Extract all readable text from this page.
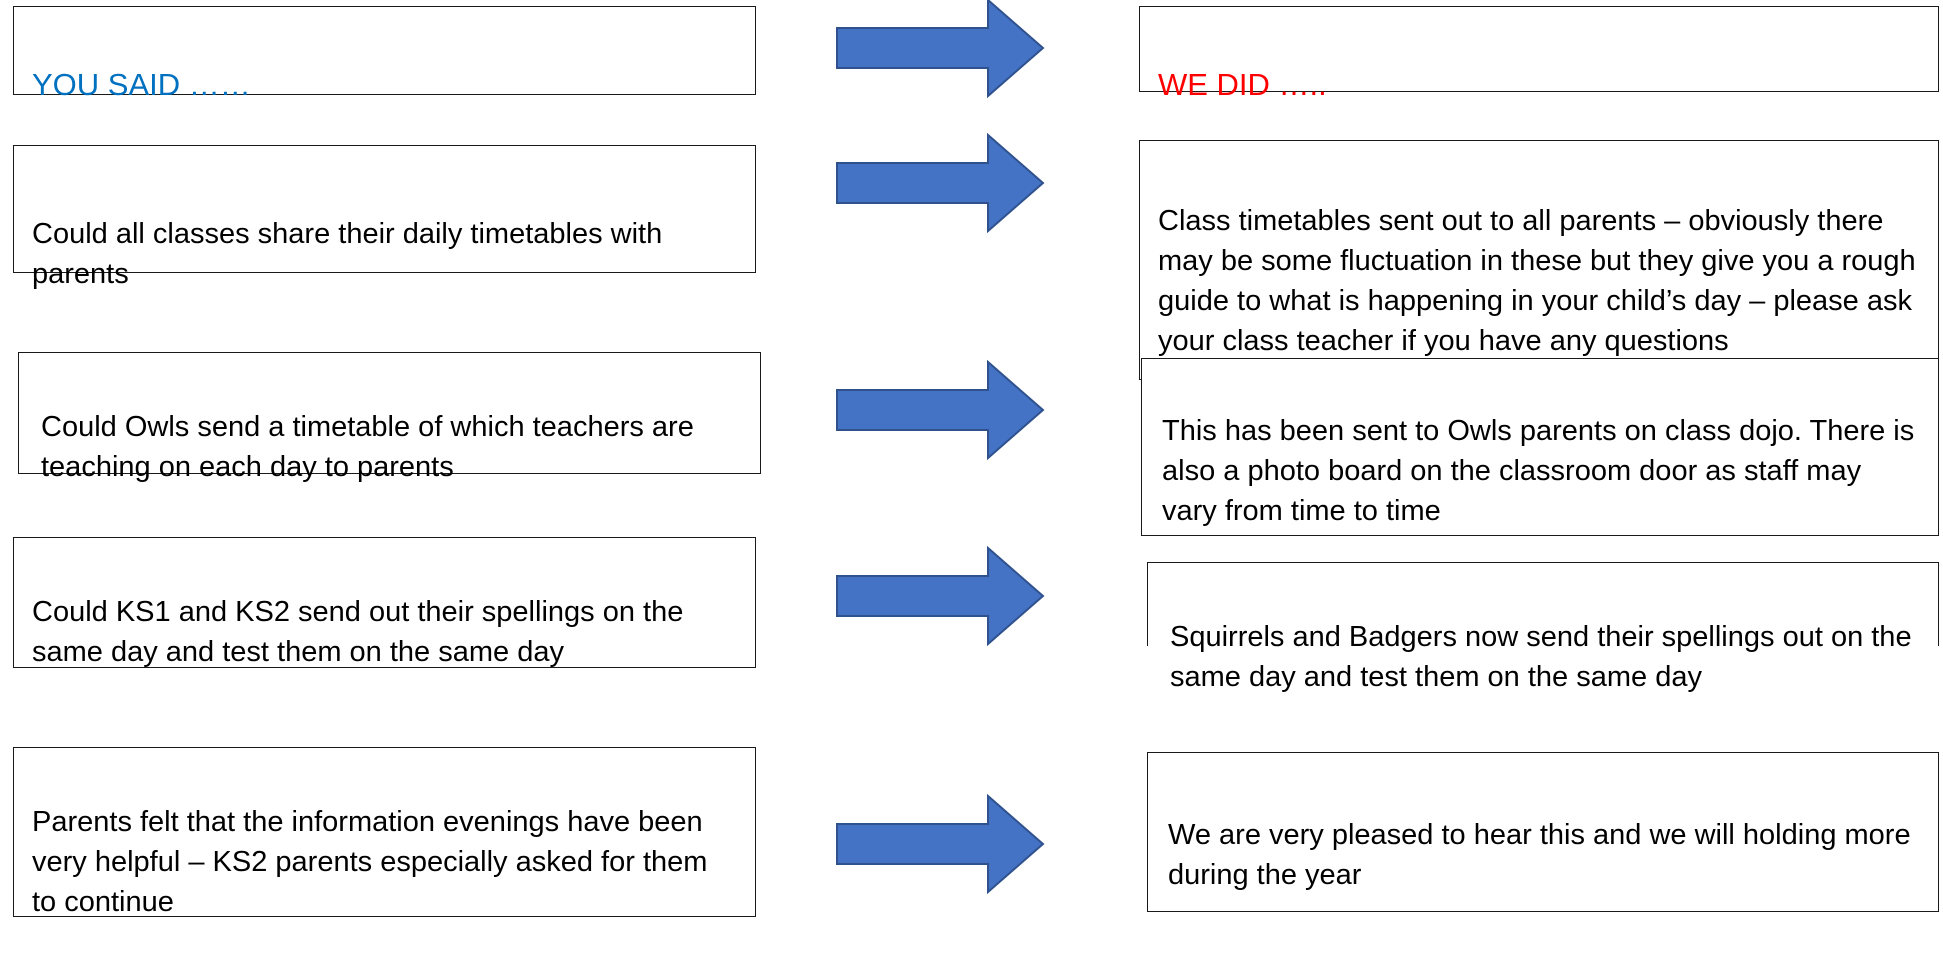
YOU SAID ……	WE DID …..

Could all classes share their daily timetables with parents

Class timetables sent out to all parents – obviously there may be some fluctuation in these but they give you a rough guide to what is happening in your child’s day – please ask your class teacher if you have any questions

Could Owls send a timetable of which teachers are teaching on each day to parents

This has been sent to Owls parents on class dojo. There is also a photo board on the classroom door as staff may vary from time to time

Could KS1 and KS2 send out their spellings on the same day and test them on the same day	Squirrels and Badgers now send their spellings out on the same day and test them on the same day

Parents felt that the information evenings have been very helpful – KS2 parents especially asked for them to continue

We are very pleased to hear this and we will holding more during the year
